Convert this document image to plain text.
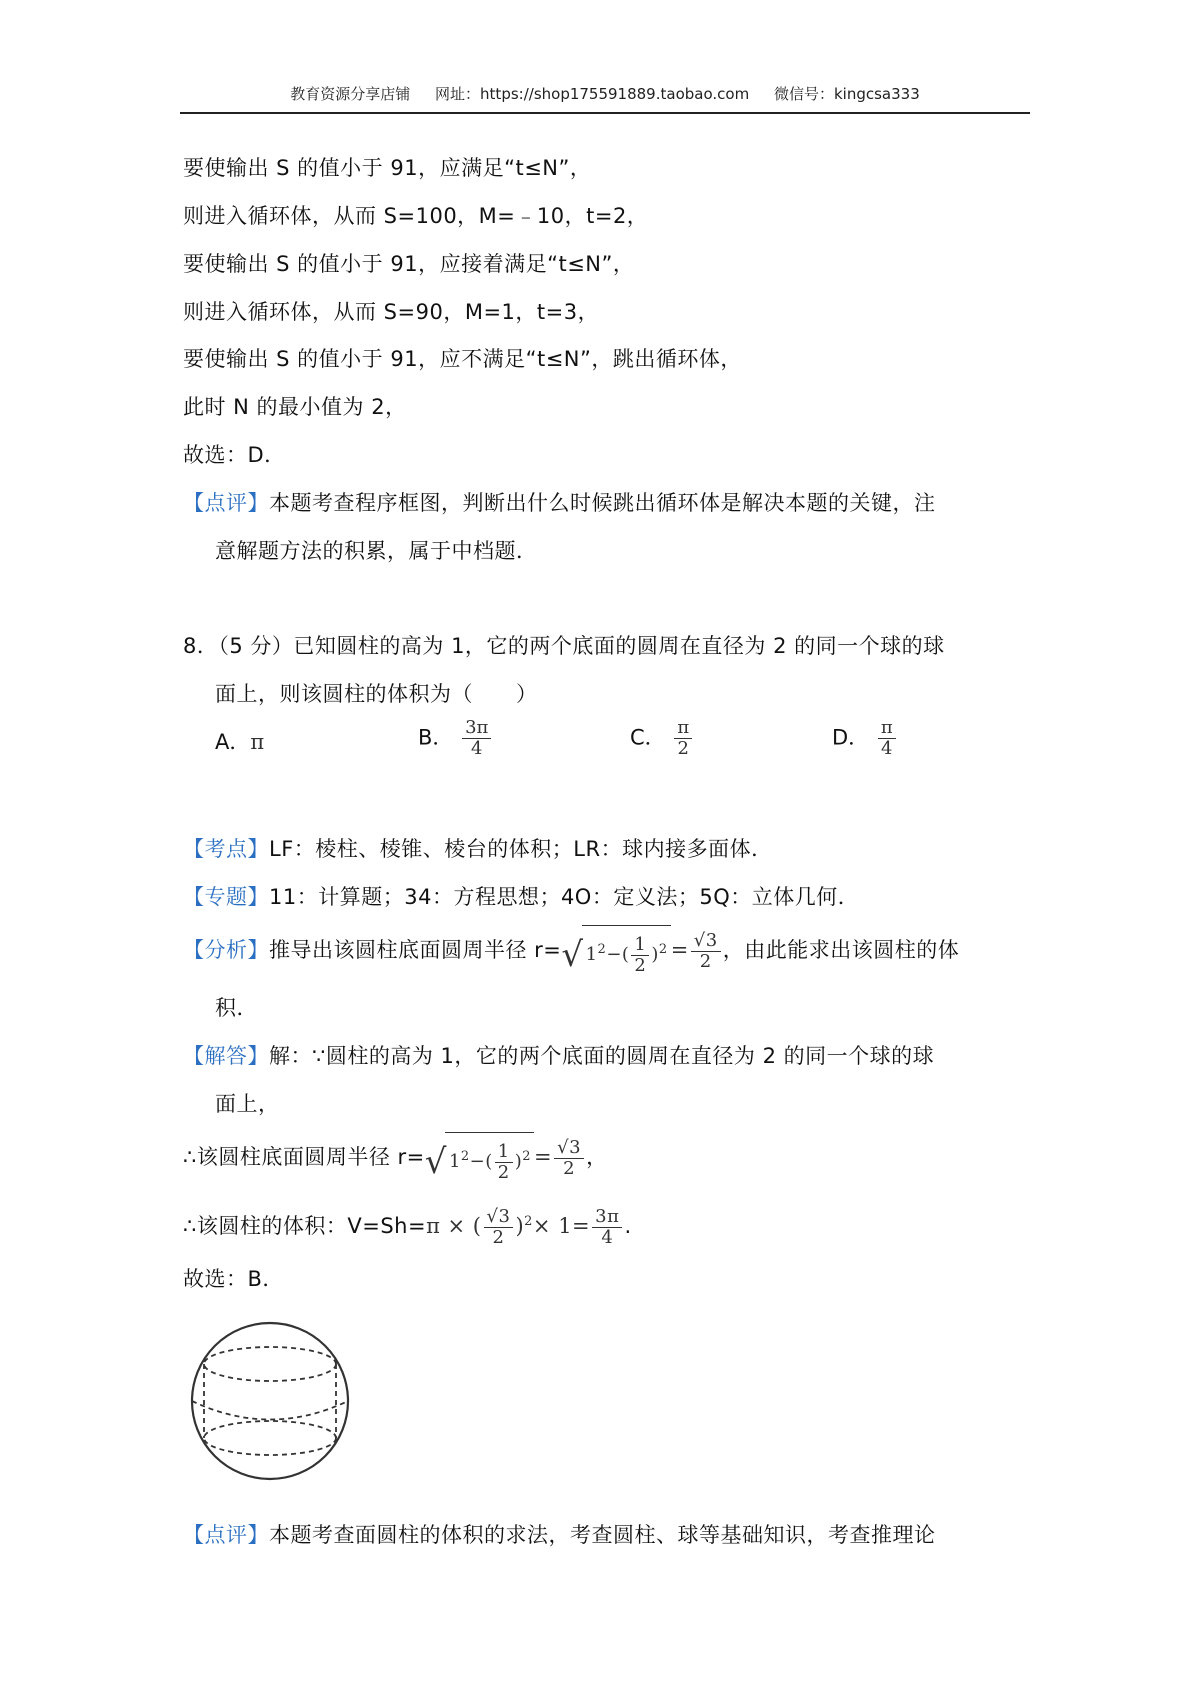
教育资源分享店铺 网址：https://shop175591889.taobao.com 微信号：kingcsa333
要使输出 S 的值小于 91，应满足“t≤N”，
则进入循环体，从而 S=100，M=﹣10，t=2，
要使输出 S 的值小于 91，应接着满足“t≤N”，
则进入循环体，从而 S=90，M=1，t=3，
要使输出 S 的值小于 91，应不满足“t≤N”，跳出循环体，
此时 N 的最小值为 2，
故选：D．
【点评】本题考查程序框图，判断出什么时候跳出循环体是解决本题的关键，注
意解题方法的积累，属于中档题．
8．（5 分）已知圆柱的高为 1，它的两个底面的圆周在直径为 2 的同一个球的球
面上，则该圆柱的体积为（　　）
A．π	B． $\frac{3\pi}{4}$	C． $\frac{\pi}{2}$	D． $\frac{\pi}{4}$
【考点】LF：棱柱、棱锥、棱台的体积；LR：球内接多面体．
【专题】11：计算题；34：方程思想；4O：定义法；5Q：立体几何．
【分析】推导出该圆柱底面圆周半径 r=√ $1^2-( \frac{1}{2} )^2 = \frac{√3}{2}$ ，由此能求出该圆柱的体
积．
【解答】解：∵圆柱的高为 1，它的两个底面的圆周在直径为 2 的同一个球的球
面上，
∴该圆柱底面圆周半径 r=√ $1^2-( \frac{1}{2} )^2 = \frac{√3}{2}$ ，
∴该圆柱的体积：V=Sh=π × ( $\frac{√3}{2} )^2\times 1= \frac{3\pi}{4}$ .
故选：B．
【点评】本题考查面圆柱的体积的求法，考查圆柱、球等基础知识，考查推理论
